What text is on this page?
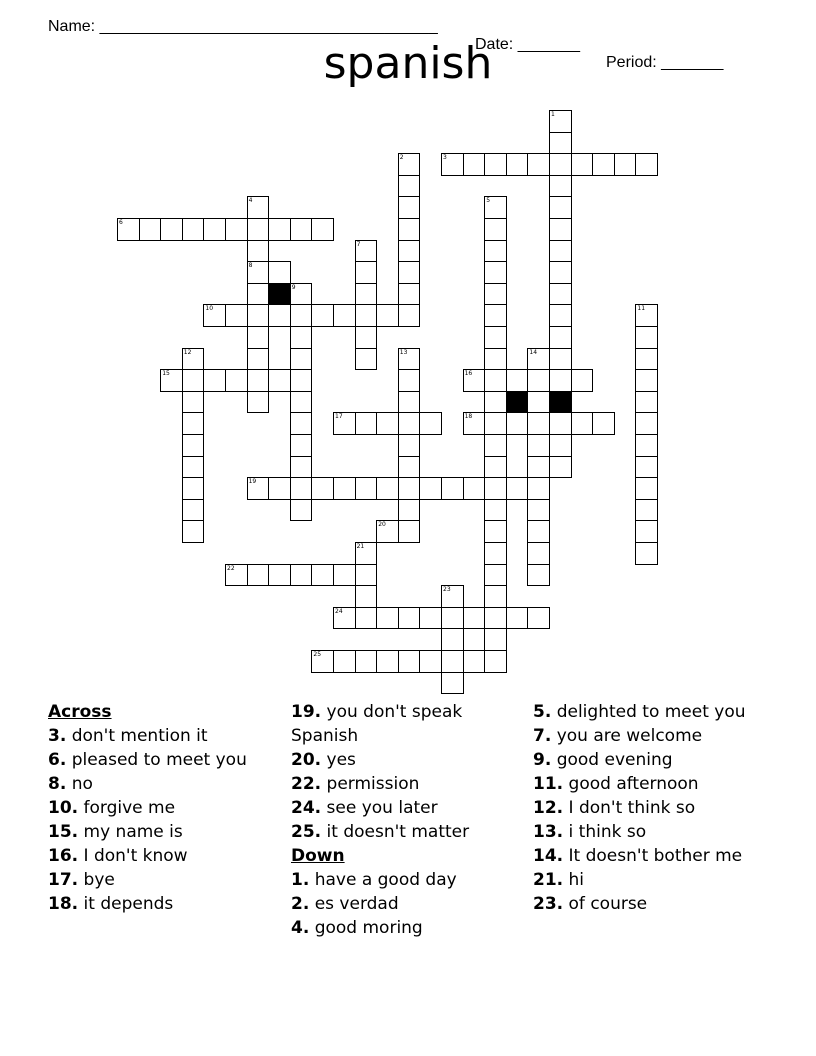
Name: ______________________________________

Date: _______

Period: _______

spanish
1
2	3
4	5
6
7
8
9
10	11
12	13	14
15	16
17	18
19
20
21
22
23
24
25
Across
3. don't mention it
6. pleased to meet you
8. no
10. forgive me
15. my name is
16. I don't know
17. bye
18. it depends
19. you don't speak Spanish
20. yes
22. permission
24. see you later
25. it doesn't matter
Down
1. have a good day
2. es verdad
4. good moring
5. delighted to meet you
7. you are welcome
9. good evening
11. good afternoon
12. I don't think so
13. i think so
14. It doesn't bother me
21. hi
23. of course
